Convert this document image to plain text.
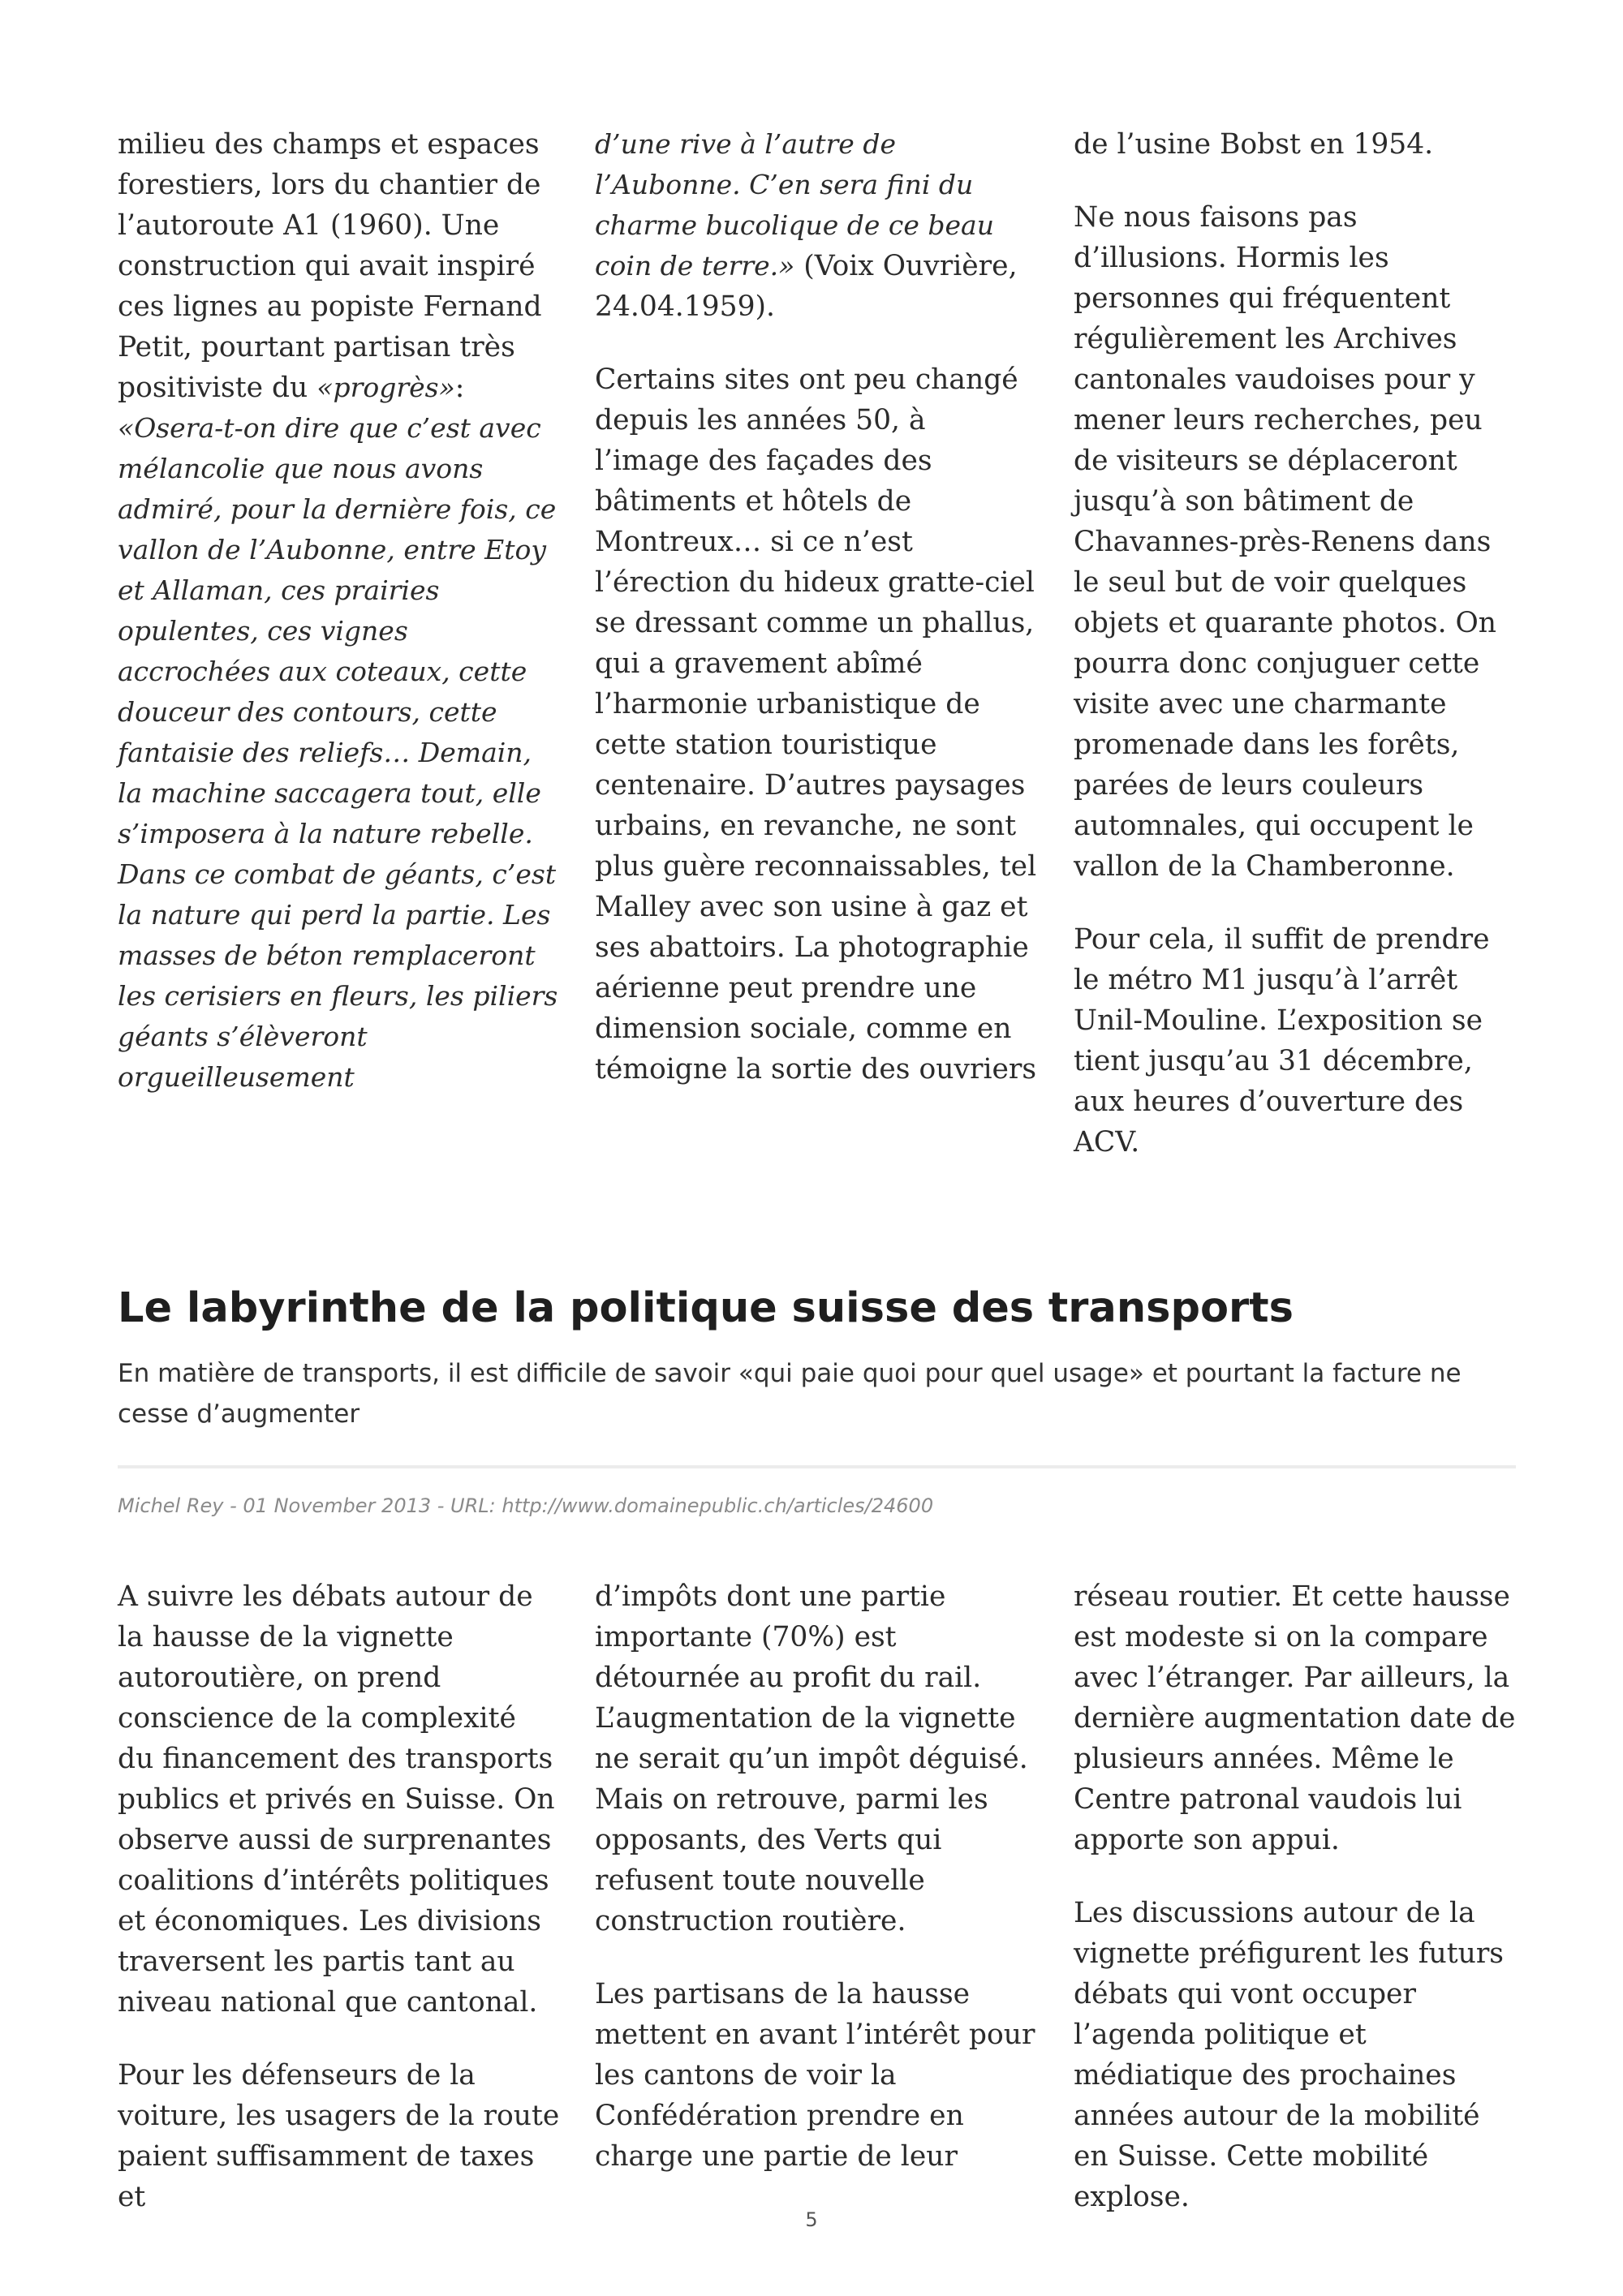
milieu des champs et espaces forestiers, lors du chantier de l’autoroute A1 (1960). Une construction qui avait inspiré ces lignes au popiste Fernand Petit, pourtant partisan très positiviste du «progrès»: «Osera-t-on dire que c’est avec mélancolie que nous avons admiré, pour la dernière fois, ce vallon de l’Aubonne, entre Etoy et Allaman, ces prairies opulentes, ces vignes accrochées aux coteaux, cette douceur des contours, cette fantaisie des reliefs… Demain, la machine saccagera tout, elle s’imposera à la nature rebelle. Dans ce combat de géants, c’est la nature qui perd la partie. Les masses de béton remplaceront les cerisiers en fleurs, les piliers géants s’élèveront orgueilleusement

d’une rive à l’autre de l’Aubonne. C’en sera fini du charme bucolique de ce beau coin de terre.» (Voix Ouvrière, 24.04.1959).

Certains sites ont peu changé depuis les années 50, à l’image des façades des bâtiments et hôtels de Montreux… si ce n’est l’érection du hideux gratte-ciel se dressant comme un phallus, qui a gravement abîmé l’harmonie urbanistique de cette station touristique centenaire. D’autres paysages urbains, en revanche, ne sont plus guère reconnaissables, tel Malley avec son usine à gaz et ses abattoirs. La photographie aérienne peut prendre une dimension sociale, comme en témoigne la sortie des ouvriers

de l’usine Bobst en 1954.

Ne nous faisons pas d’illusions. Hormis les personnes qui fréquentent régulièrement les Archives cantonales vaudoises pour y mener leurs recherches, peu de visiteurs se déplaceront jusqu’à son bâtiment de Chavannes-près-Renens dans le seul but de voir quelques objets et quarante photos. On pourra donc conjuguer cette visite avec une charmante promenade dans les forêts, parées de leurs couleurs automnales, qui occupent le vallon de la Chamberonne.

Pour cela, il suffit de prendre le métro M1 jusqu’à l’arrêt Unil-Mouline. L’exposition se tient jusqu’au 31 décembre, aux heures d’ouverture des ACV.

Le labyrinthe de la politique suisse des transports

En matière de transports, il est difficile de savoir «qui paie quoi pour quel usage» et pourtant la facture ne cesse d’augmenter

Michel Rey - 01 November 2013 - URL: http://www.domainepublic.ch/articles/24600

A suivre les débats autour de la hausse de la vignette autoroutière, on prend conscience de la complexité du financement des transports publics et privés en Suisse. On observe aussi de surprenantes coalitions d’intérêts politiques et économiques. Les divisions traversent les partis tant au niveau national que cantonal.

Pour les défenseurs de la voiture, les usagers de la route paient suffisamment de taxes et

d’impôts dont une partie importante (70%) est détournée au profit du rail. L’augmentation de la vignette ne serait qu’un impôt déguisé. Mais on retrouve, parmi les opposants, des Verts qui refusent toute nouvelle construction routière.

Les partisans de la hausse mettent en avant l’intérêt pour les cantons de voir la Confédération prendre en charge une partie de leur

réseau routier. Et cette hausse est modeste si on la compare avec l’étranger. Par ailleurs, la dernière augmentation date de plusieurs années. Même le Centre patronal vaudois lui apporte son appui.

Les discussions autour de la vignette préfigurent les futurs débats qui vont occuper l’agenda politique et médiatique des prochaines années autour de la mobilité en Suisse. Cette mobilité explose.

5
